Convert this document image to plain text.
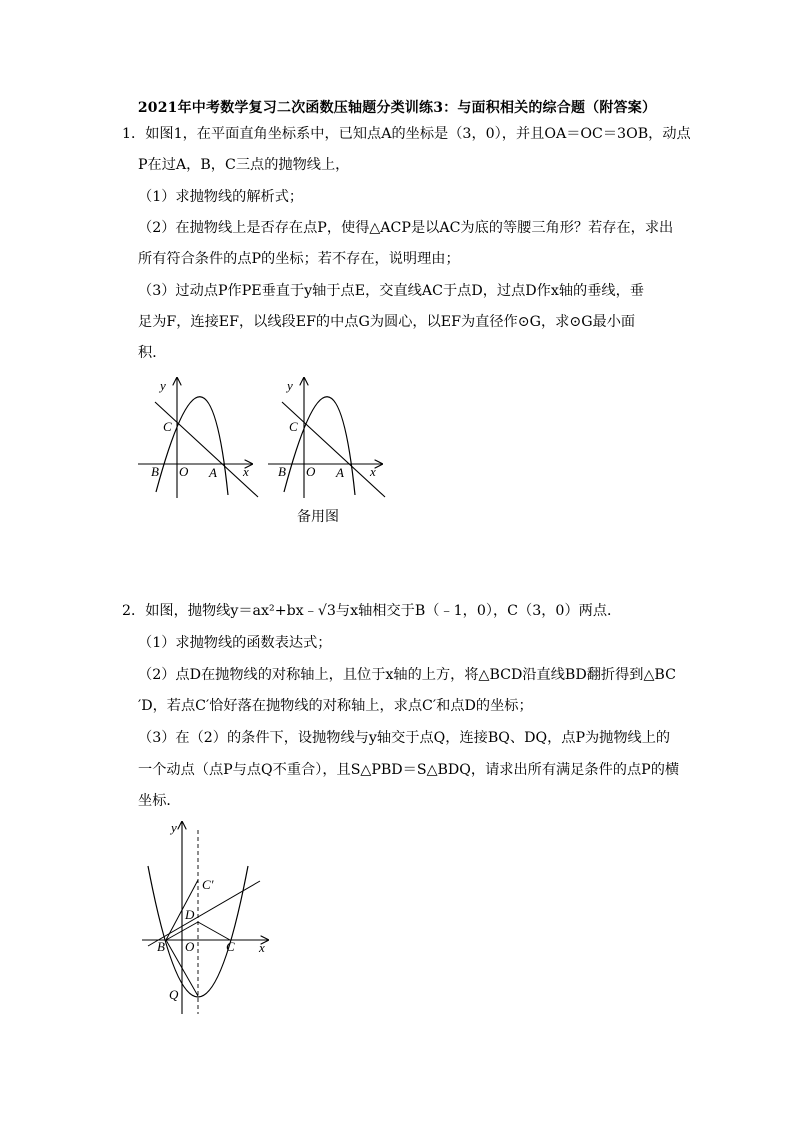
2021年中考数学复习二次函数压轴题分类训练3：与面积相关的综合题（附答案）
1．如图1，在平面直角坐标系中，已知点A的坐标是（3，0），并且OA＝OC＝3OB，动点
P在过A，B，C三点的抛物线上，
（1）求抛物线的解析式；
（2）在抛物线上是否存在点P，使得△ACP是以AC为底的等腰三角形？若存在，求出
所有符合条件的点P的坐标；若不存在，说明理由；
（3）过动点P作PE垂直于y轴于点E，交直线AC于点D，过点D作x轴的垂线，垂
足为F，连接EF，以线段EF的中点G为圆心，以EF为直径作⊙G，求⊙G最小面
积．
y
x
C
B O A
y
x
C
B O A
备用图
2．如图，抛物线y＝ax²+bx﹣√3与x轴相交于B（﹣1，0），C（3，0）两点．
（1）求抛物线的函数表达式；
（2）点D在抛物线的对称轴上，且位于x轴的上方，将△BCD沿直线BD翻折得到△BC
′D，若点C′恰好落在抛物线的对称轴上，求点C′和点D的坐标；
（3）在（2）的条件下，设抛物线与y轴交于点Q，连接BQ、DQ，点P为抛物线上的
一个动点（点P与点Q不重合），且S△PBD＝S△BDQ，请求出所有满足条件的点P的横
坐标．
y
x
C′
D
B O C
Q
